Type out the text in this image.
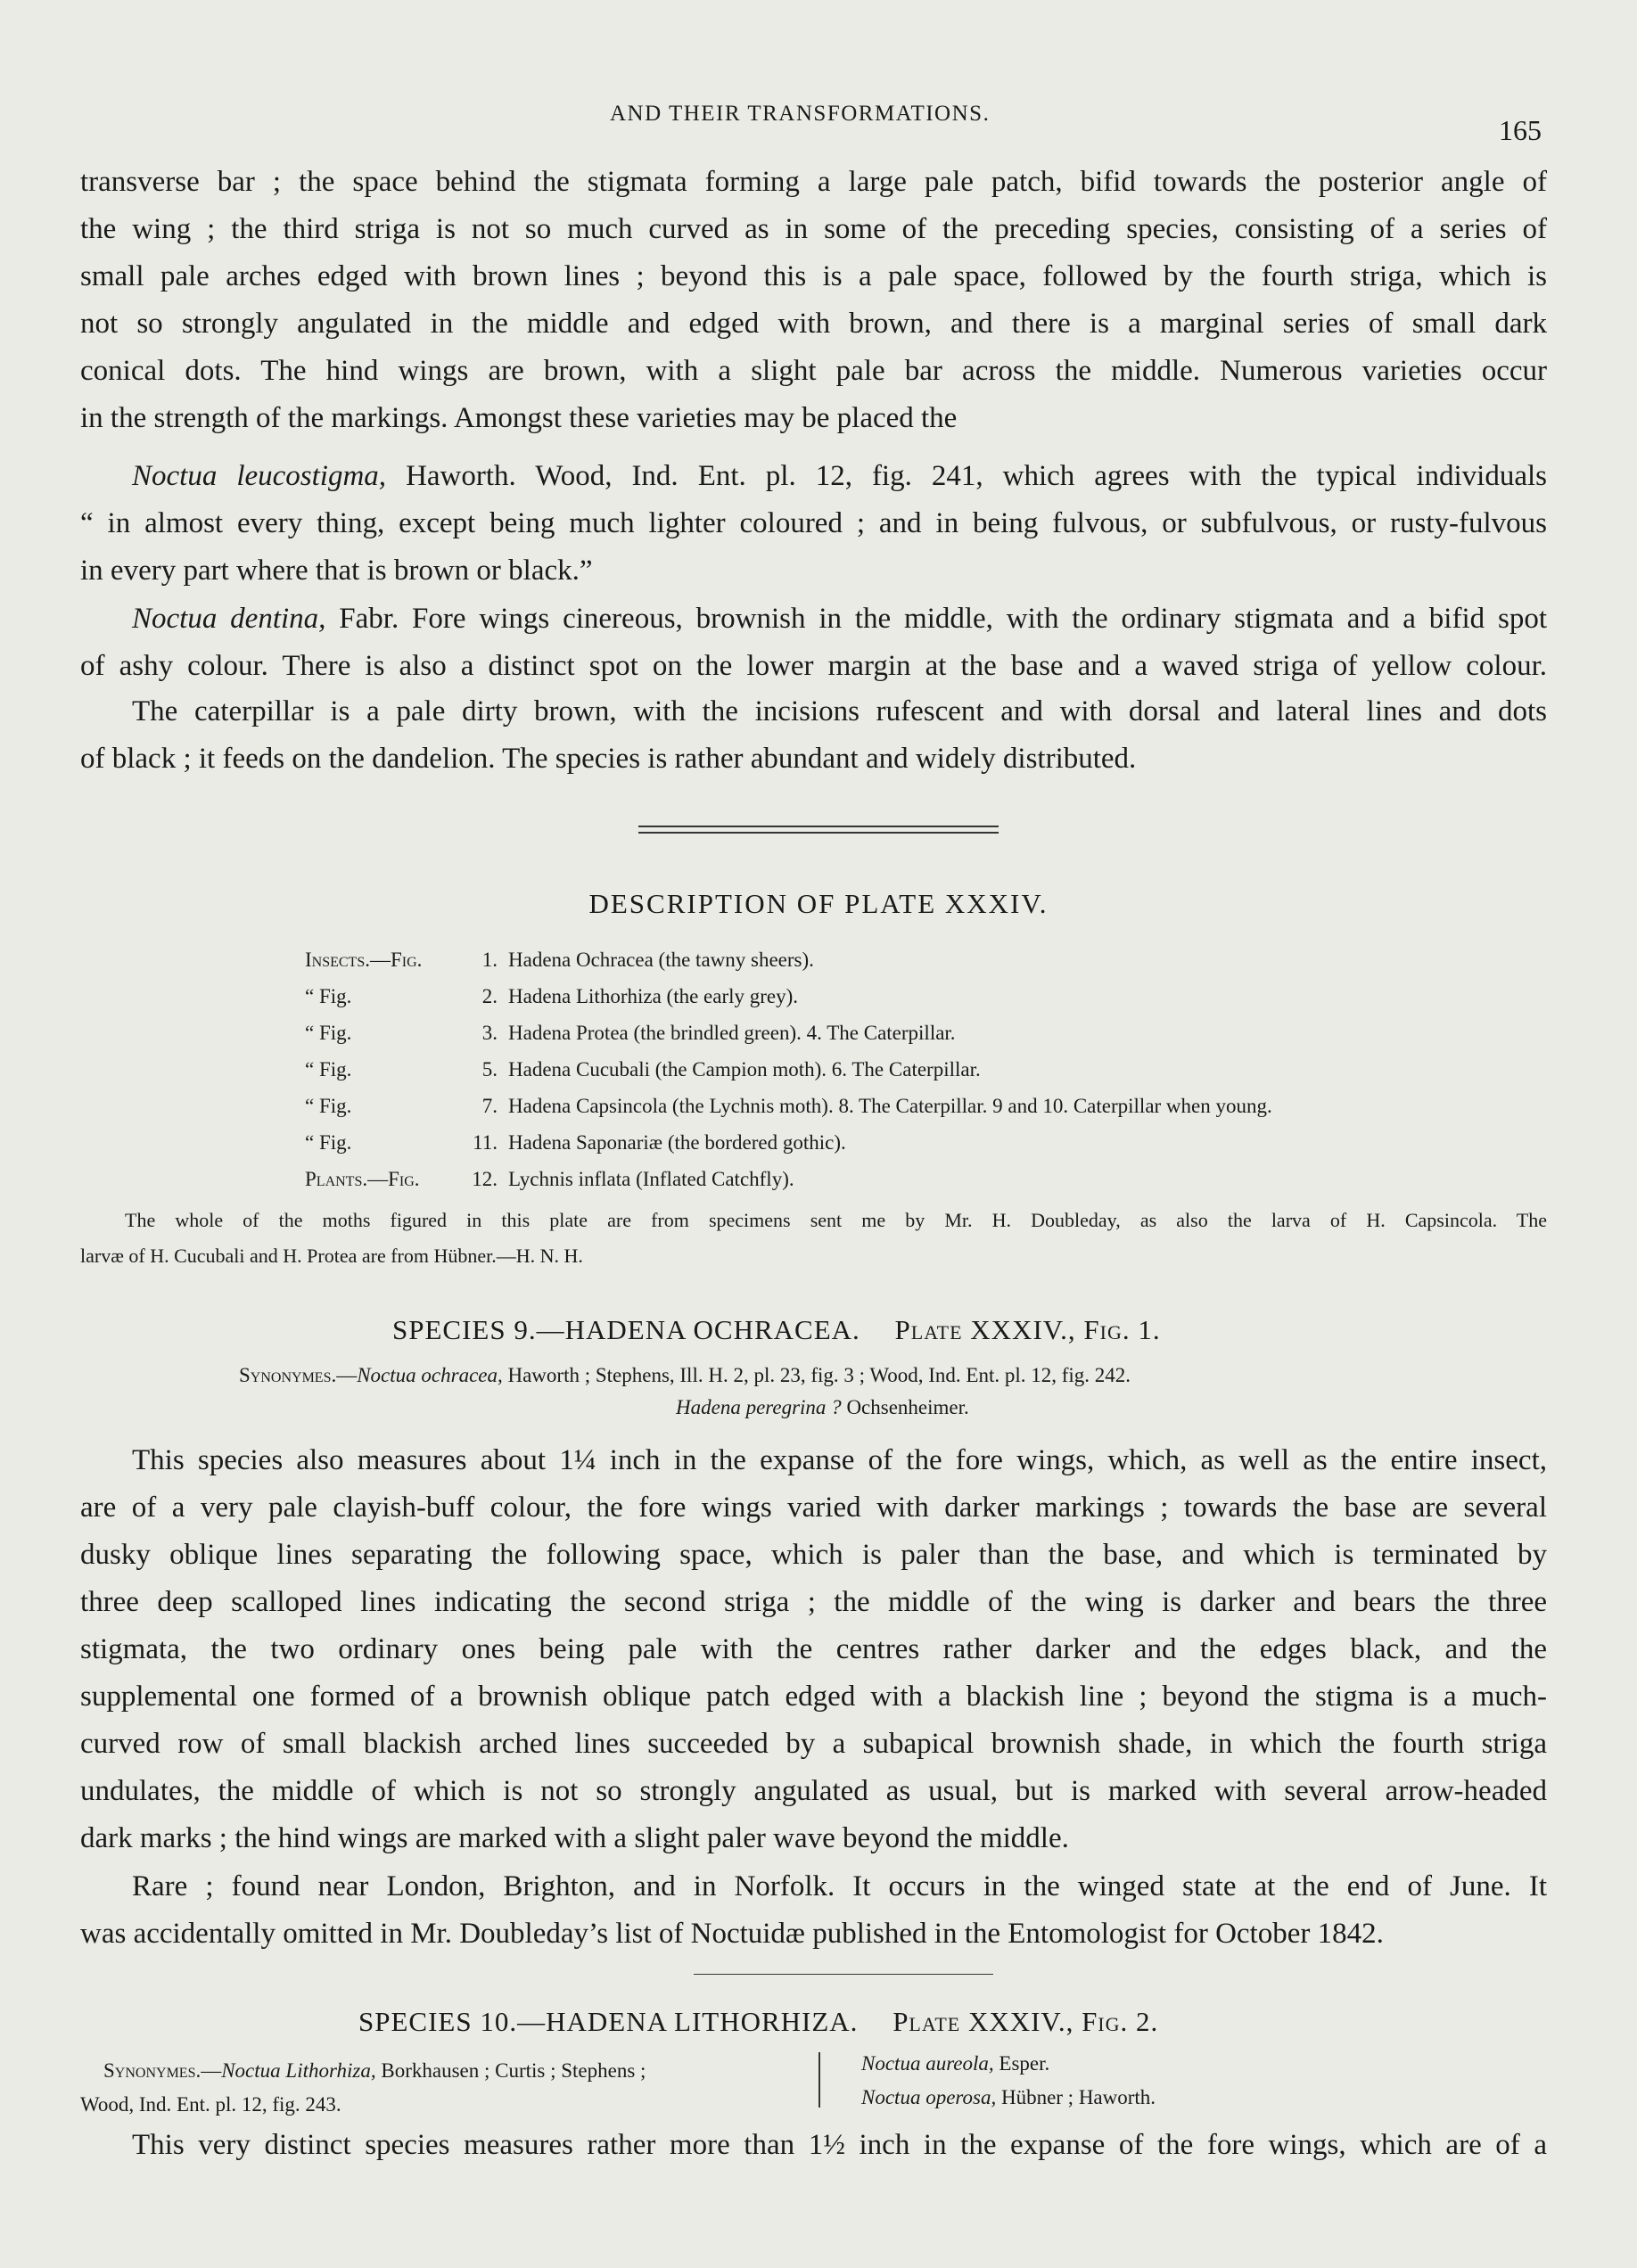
AND THEIR TRANSFORMATIONS.
165
transverse bar ; the space behind the stigmata forming a large pale patch, bifid towards the posterior angle of
the wing ; the third striga is not so much curved as in some of the preceding species, consisting of a series of
small pale arches edged with brown lines ; beyond this is a pale space, followed by the fourth striga, which is
not so strongly angulated in the middle and edged with brown, and there is a marginal series of small dark
conical dots. The hind wings are brown, with a slight pale bar across the middle. Numerous varieties occur
in the strength of the markings. Amongst these varieties may be placed the
Noctua leucostigma, Haworth. Wood, Ind. Ent. pl. 12, fig. 241, which agrees with the typical individuals
“ in almost every thing, except being much lighter coloured ; and in being fulvous, or subfulvous, or rusty-fulvous
in every part where that is brown or black.”
Noctua dentina, Fabr. Fore wings cinereous, brownish in the middle, with the ordinary stigmata and a bifid spot
of ashy colour. There is also a distinct spot on the lower margin at the base and a waved striga of yellow colour.
The caterpillar is a pale dirty brown, with the incisions rufescent and with dorsal and lateral lines and dots
of black ; it feeds on the dandelion. The species is rather abundant and widely distributed.
DESCRIPTION OF PLATE XXXIV.
Insects.—Fig.	1. Hadena Ochracea (the tawny sheers).
“ Fig.	2. Hadena Lithorhiza (the early grey).
“ Fig.	3. Hadena Protea (the brindled green). 4. The Caterpillar.
“ Fig.	5. Hadena Cucubali (the Campion moth). 6. The Caterpillar.
“ Fig.	7. Hadena Capsincola (the Lychnis moth). 8. The Caterpillar. 9 and 10. Caterpillar when young.
“ Fig.	11. Hadena Saponariæ (the bordered gothic).
Plants.—Fig.	12. Lychnis inflata (Inflated Catchfly).
The whole of the moths figured in this plate are from specimens sent me by Mr. H. Doubleday, as also the larva of H. Capsincola. The
larvæ of H. Cucubali and H. Protea are from Hübner.—H. N. H.
SPECIES 9.—HADENA OCHRACEA. Plate XXXIV., Fig. 1.
Synonymes.—Noctua ochracea, Haworth ; Stephens, Ill. H. 2, pl. 23, fig. 3 ; Wood, Ind. Ent. pl. 12, fig. 242.
Hadena peregrina ? Ochsenheimer.
This species also measures about 1¼ inch in the expanse of the fore wings, which, as well as the entire insect,
are of a very pale clayish-buff colour, the fore wings varied with darker markings ; towards the base are several
dusky oblique lines separating the following space, which is paler than the base, and which is terminated by
three deep scalloped lines indicating the second striga ; the middle of the wing is darker and bears the three
stigmata, the two ordinary ones being pale with the centres rather darker and the edges black, and the
supplemental one formed of a brownish oblique patch edged with a blackish line ; beyond the stigma is a much-
curved row of small blackish arched lines succeeded by a subapical brownish shade, in which the fourth striga
undulates, the middle of which is not so strongly angulated as usual, but is marked with several arrow-headed
dark marks ; the hind wings are marked with a slight paler wave beyond the middle.
Rare ; found near London, Brighton, and in Norfolk. It occurs in the winged state at the end of June. It
was accidentally omitted in Mr. Doubleday’s list of Noctuidæ published in the Entomologist for October 1842.
SPECIES 10.—HADENA LITHORHIZA. Plate XXXIV., Fig. 2.
Synonymes.—Noctua Lithorhiza, Borkhausen ; Curtis ; Stephens ;
Wood, Ind. Ent. pl. 12, fig. 243.
Noctua aureola, Esper.
Noctua operosa, Hübner ; Haworth.
This very distinct species measures rather more than 1½ inch in the expanse of the fore wings, which are of a
